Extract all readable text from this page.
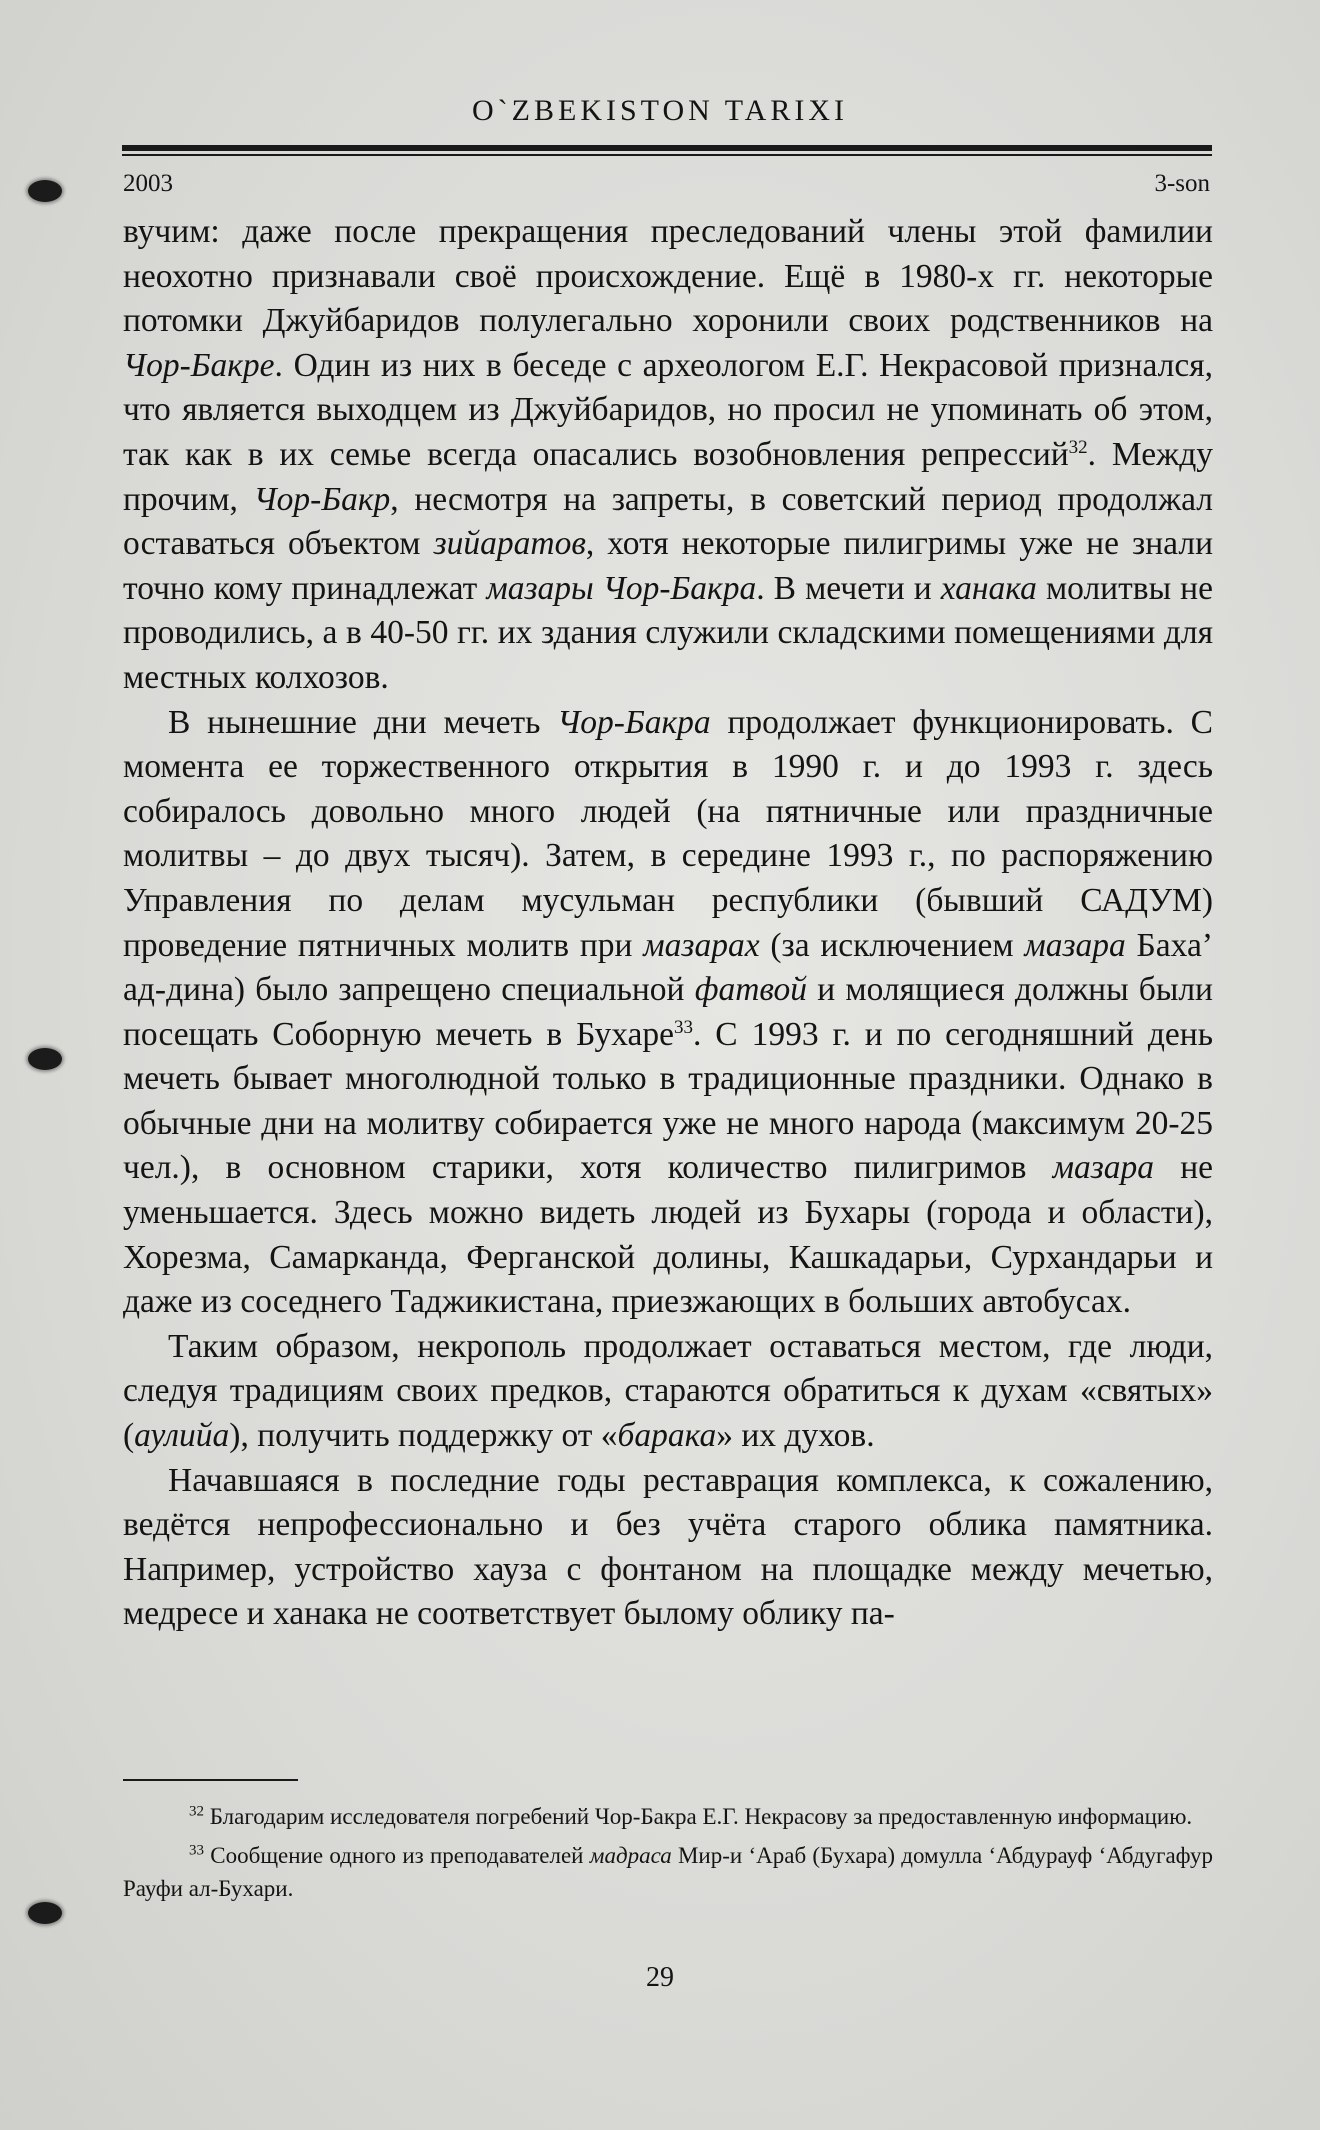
O`ZBEKISTON TARIXI
2003	3-son

вучим: даже после прекращения преследований члены этой фамилии неохотно признавали своё происхождение. Ещё в 1980-х гг. некоторые потомки Джуйбаридов полулегально хоронили своих родственников на Чор-Бакре. Один из них в беседе с археологом Е.Г. Некрасовой признался, что является выходцем из Джуйбаридов, но просил не упоминать об этом, так как в их семье всегда опасались возобновления репрессий$^{32}$. Между прочим, Чор-Бакр, несмотря на запреты, в советский период продолжал оставаться объектом зийаратов, хотя некоторые пилигримы уже не знали точно кому принадлежат мазары Чор-Бакра. В мечети и ханака молитвы не проводились, а в 40-50 гг. их здания служили складскими помещениями для местных колхозов.

В нынешние дни мечеть Чор-Бакра продолжает функционировать. С момента ее торжественного открытия в 1990 г. и до 1993 г. здесь собиралось довольно много людей (на пятничные или праздничные молитвы – до двух тысяч). Затем, в середине 1993 г., по распоряжению Управления по делам мусульман республики (бывший САДУМ) проведение пятничных молитв при мазарах (за исключением мазара Баха’ ад-дина) было запрещено специальной фатвой и молящиеся должны были посещать Соборную мечеть в Бухаре$^{33}$. С 1993 г. и по сегодняшний день мечеть бывает многолюдной только в традиционные праздники. Однако в обычные дни на молитву собирается уже не много народа (максимум 20-25 чел.), в основном старики, хотя количество пилигримов мазара не уменьшается. Здесь можно видеть людей из Бухары (города и области), Хорезма, Самарканда, Ферганской долины, Кашкадарьи, Сурхандарьи и даже из соседнего Таджикистана, приезжающих в больших автобусах.

Таким образом, некрополь продолжает оставаться местом, где люди, следуя традициям своих предков, стараются обратиться к духам «святых» (аулийа), получить поддержку от «барака» их духов.

Начавшаяся в последние годы реставрация комплекса, к сожалению, ведётся непрофессионально и без учёта старого облика памятника. Например, устройство хауза с фонтаном на площадке между мечетью, медресе и ханака не соответствует былому облику па-

$^{32}$ Благодарим исследователя погребений Чор-Бакра Е.Г. Некрасову за предоставленную информацию.

$^{33}$ Сообщение одного из преподавателей мадраса Мир-и ‘Араб (Бухара) домулла ‘Абдурауф ‘Абдугафур Рауфи ал-Бухари.

29
